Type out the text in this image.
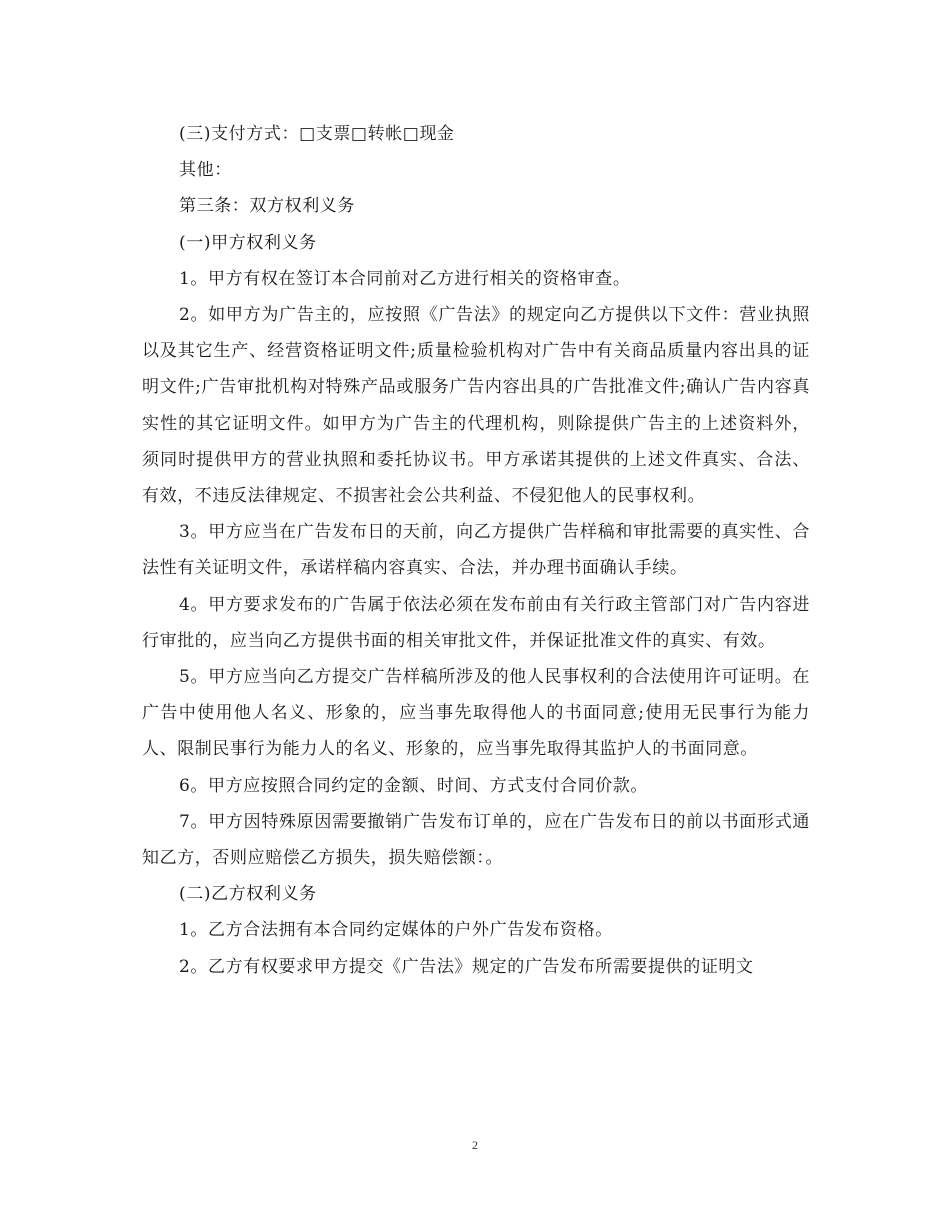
(三)支付方式：□支票□转帐□现金

其他：

第三条：双方权利义务

(一)甲方权利义务

1。甲方有权在签订本合同前对乙方进行相关的资格审查。

2。如甲方为广告主的，应按照《广告法》的规定向乙方提供以下文件：营业执照以及其它生产、经营资格证明文件;质量检验机构对广告中有关商品质量内容出具的证明文件;广告审批机构对特殊产品或服务广告内容出具的广告批准文件;确认广告内容真实性的其它证明文件。如甲方为广告主的代理机构，则除提供广告主的上述资料外，须同时提供甲方的营业执照和委托协议书。甲方承诺其提供的上述文件真实、合法、有效，不违反法律规定、不损害社会公共利益、不侵犯他人的民事权利。

3。甲方应当在广告发布日的天前，向乙方提供广告样稿和审批需要的真实性、合法性有关证明文件，承诺样稿内容真实、合法，并办理书面确认手续。

4。甲方要求发布的广告属于依法必须在发布前由有关行政主管部门对广告内容进行审批的，应当向乙方提供书面的相关审批文件，并保证批准文件的真实、有效。

5。甲方应当向乙方提交广告样稿所涉及的他人民事权利的合法使用许可证明。在广告中使用他人名义、形象的，应当事先取得他人的书面同意;使用无民事行为能力人、限制民事行为能力人的名义、形象的，应当事先取得其监护人的书面同意。

6。甲方应按照合同约定的金额、时间、方式支付合同价款。

7。甲方因特殊原因需要撤销广告发布订单的，应在广告发布日的前以书面形式通知乙方，否则应赔偿乙方损失，损失赔偿额：。

(二)乙方权利义务

1。乙方合法拥有本合同约定媒体的户外广告发布资格。

2。乙方有权要求甲方提交《广告法》规定的广告发布所需要提供的证明文

2
